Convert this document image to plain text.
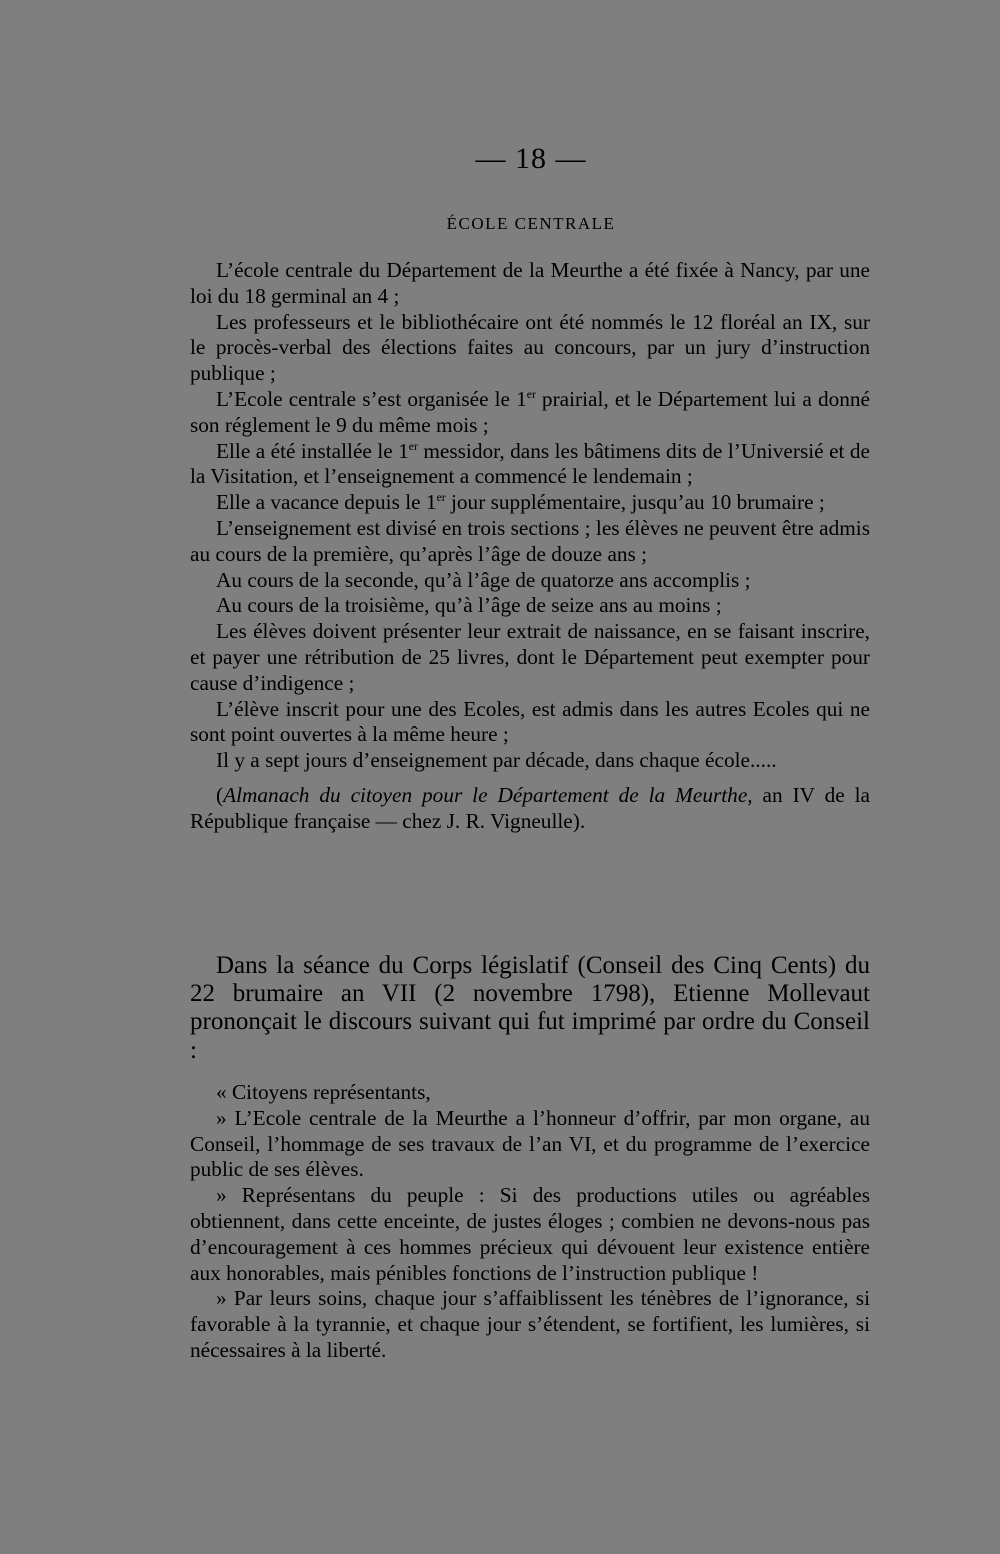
— 18 —
ÉCOLE CENTRALE

L’école centrale du Département de la Meurthe a été fixée à Nancy, par une loi du 18 germinal an 4 ;

Les professeurs et le bibliothécaire ont été nommés le 12 floréal an IX, sur le procès-verbal des élections faites au concours, par un jury d’instruction publique ;

L’Ecole centrale s’est organisée le 1er prairial, et le Département lui a donné son réglement le 9 du même mois ;

Elle a été installée le 1er messidor, dans les bâtimens dits de l’Universié et de la Visitation, et l’enseignement a commencé le lendemain ;

Elle a vacance depuis le 1er jour supplémentaire, jusqu’au 10 brumaire ;

L’enseignement est divisé en trois sections ; les élèves ne peuvent être admis au cours de la première, qu’après l’âge de douze ans ;

Au cours de la seconde, qu’à l’âge de quatorze ans accomplis ;

Au cours de la troisième, qu’à l’âge de seize ans au moins ;

Les élèves doivent présenter leur extrait de naissance, en se faisant inscrire, et payer une rétribution de 25 livres, dont le Département peut exempter pour cause d’indigence ;

L’élève inscrit pour une des Ecoles, est admis dans les autres Ecoles qui ne sont point ouvertes à la même heure ;

Il y a sept jours d’enseignement par décade, dans chaque école.....

(Almanach du citoyen pour le Département de la Meurthe, an IV de la République française — chez J. R. Vigneulle).

Dans la séance du Corps législatif (Conseil des Cinq Cents) du 22 brumaire an VII (2 novembre 1798), Etienne Mollevaut prononçait le discours suivant qui fut imprimé par ordre du Conseil :

« Citoyens représentants,

» L’Ecole centrale de la Meurthe a l’honneur d’offrir, par mon organe, au Conseil, l’hommage de ses travaux de l’an VI, et du programme de l’exercice public de ses élèves.

» Représentans du peuple : Si des productions utiles ou agréables obtiennent, dans cette enceinte, de justes éloges ; combien ne devons-nous pas d’encouragement à ces hommes précieux qui dévouent leur existence entière aux honorables, mais pénibles fonctions de l’instruction publique !

» Par leurs soins, chaque jour s’affaiblissent les ténèbres de l’ignorance, si favorable à la tyrannie, et chaque jour s’étendent, se fortifient, les lumières, si nécessaires à la liberté.
